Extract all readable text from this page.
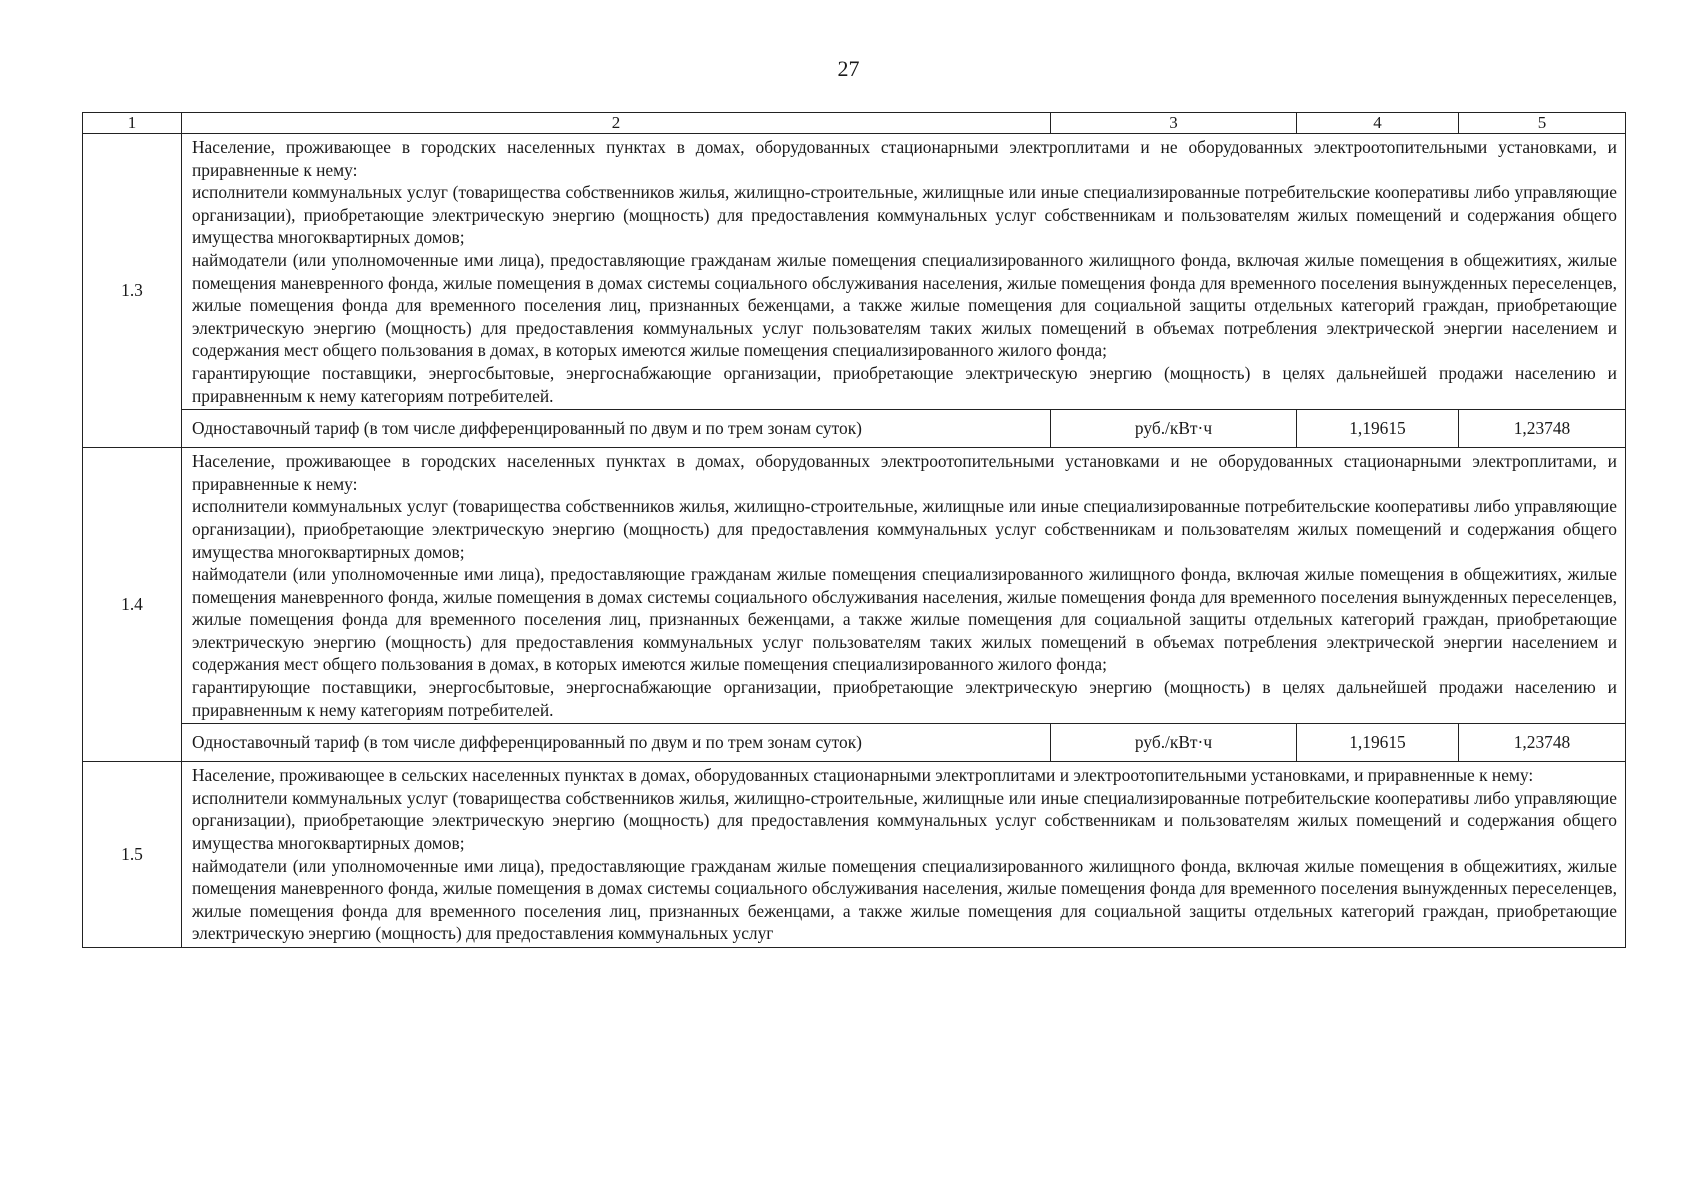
27
1	2	3	4	5
1.3	Население, проживающее в городских населенных пунктах в домах, оборудованных стационарными электроплитами и не оборудованных электроотопительными установками, и приравненные к нему:

исполнители коммунальных услуг (товарищества собственников жилья, жилищно-строительные, жилищные или иные специализированные потребительские кооперативы либо управляющие организации), приобретающие электрическую энергию (мощность) для предоставления коммунальных услуг собственникам и пользователям жилых помещений и содержания общего имущества многоквартирных домов;

наймодатели (или уполномоченные ими лица), предоставляющие гражданам жилые помещения специализированного жилищного фонда, включая жилые помещения в общежитиях, жилые помещения маневренного фонда, жилые помещения в домах системы социального обслуживания населения, жилые помещения фонда для временного поселения вынужденных переселенцев, жилые помещения фонда для временного поселения лиц, признанных беженцами, а также жилые помещения для социальной защиты отдельных категорий граждан, приобретающие электрическую энергию (мощность) для предоставления коммунальных услуг пользователям таких жилых помещений в объемах потребления электрической энергии населением и содержания мест общего пользования в домах, в которых имеются жилые помещения специализированного жилого фонда;

гарантирующие поставщики, энергосбытовые, энергоснабжающие организации, приобретающие электрическую энергию (мощность) в целях дальнейшей продажи населению и приравненным к нему категориям потребителей.			

	Одноставочный тариф (в том числе дифференцированный по двум и по трем зонам суток)	руб./кВт·ч	1,19615	1,23748
1.4	Население, проживающее в городских населенных пунктах в домах, оборудованных электроотопительными установками и не оборудованных стационарными электроплитами, и приравненные к нему:

исполнители коммунальных услуг (товарищества собственников жилья, жилищно-строительные, жилищные или иные специализированные потребительские кооперативы либо управляющие организации), приобретающие электрическую энергию (мощность) для предоставления коммунальных услуг собственникам и пользователям жилых помещений и содержания общего имущества многоквартирных домов;

наймодатели (или уполномоченные ими лица), предоставляющие гражданам жилые помещения специализированного жилищного фонда, включая жилые помещения в общежитиях, жилые помещения маневренного фонда, жилые помещения в домах системы социального обслуживания населения, жилые помещения фонда для временного поселения вынужденных переселенцев, жилые помещения фонда для временного поселения лиц, признанных беженцами, а также жилые помещения для социальной защиты отдельных категорий граждан, приобретающие электрическую энергию (мощность) для предоставления коммунальных услуг пользователям таких жилых помещений в объемах потребления электрической энергии населением и содержания мест общего пользования в домах, в которых имеются жилые помещения специализированного жилого фонда;

гарантирующие поставщики, энергосбытовые, энергоснабжающие организации, приобретающие электрическую энергию (мощность) в целях дальнейшей продажи населению и приравненным к нему категориям потребителей.			

	Одноставочный тариф (в том числе дифференцированный по двум и по трем зонам суток)	руб./кВт·ч	1,19615	1,23748
1.5	Население, проживающее в сельских населенных пунктах в домах, оборудованных стационарными электроплитами и электроотопительными установками, и приравненные к нему:

исполнители коммунальных услуг (товарищества собственников жилья, жилищно-строительные, жилищные или иные специализированные потребительские кооперативы либо управляющие организации), приобретающие электрическую энергию (мощность) для предоставления коммунальных услуг собственникам и пользователям жилых помещений и содержания общего имущества многоквартирных домов;

наймодатели (или уполномоченные ими лица), предоставляющие гражданам жилые помещения специализированного жилищного фонда, включая жилые помещения в общежитиях, жилые помещения маневренного фонда, жилые помещения в домах системы социального обслуживания населения, жилые помещения фонда для временного поселения вынужденных переселенцев, жилые помещения фонда для временного поселения лиц, признанных беженцами, а также жилые помещения для социальной защиты отдельных категорий граждан, приобретающие электрическую энергию (мощность) для предоставления коммунальных услуг			
